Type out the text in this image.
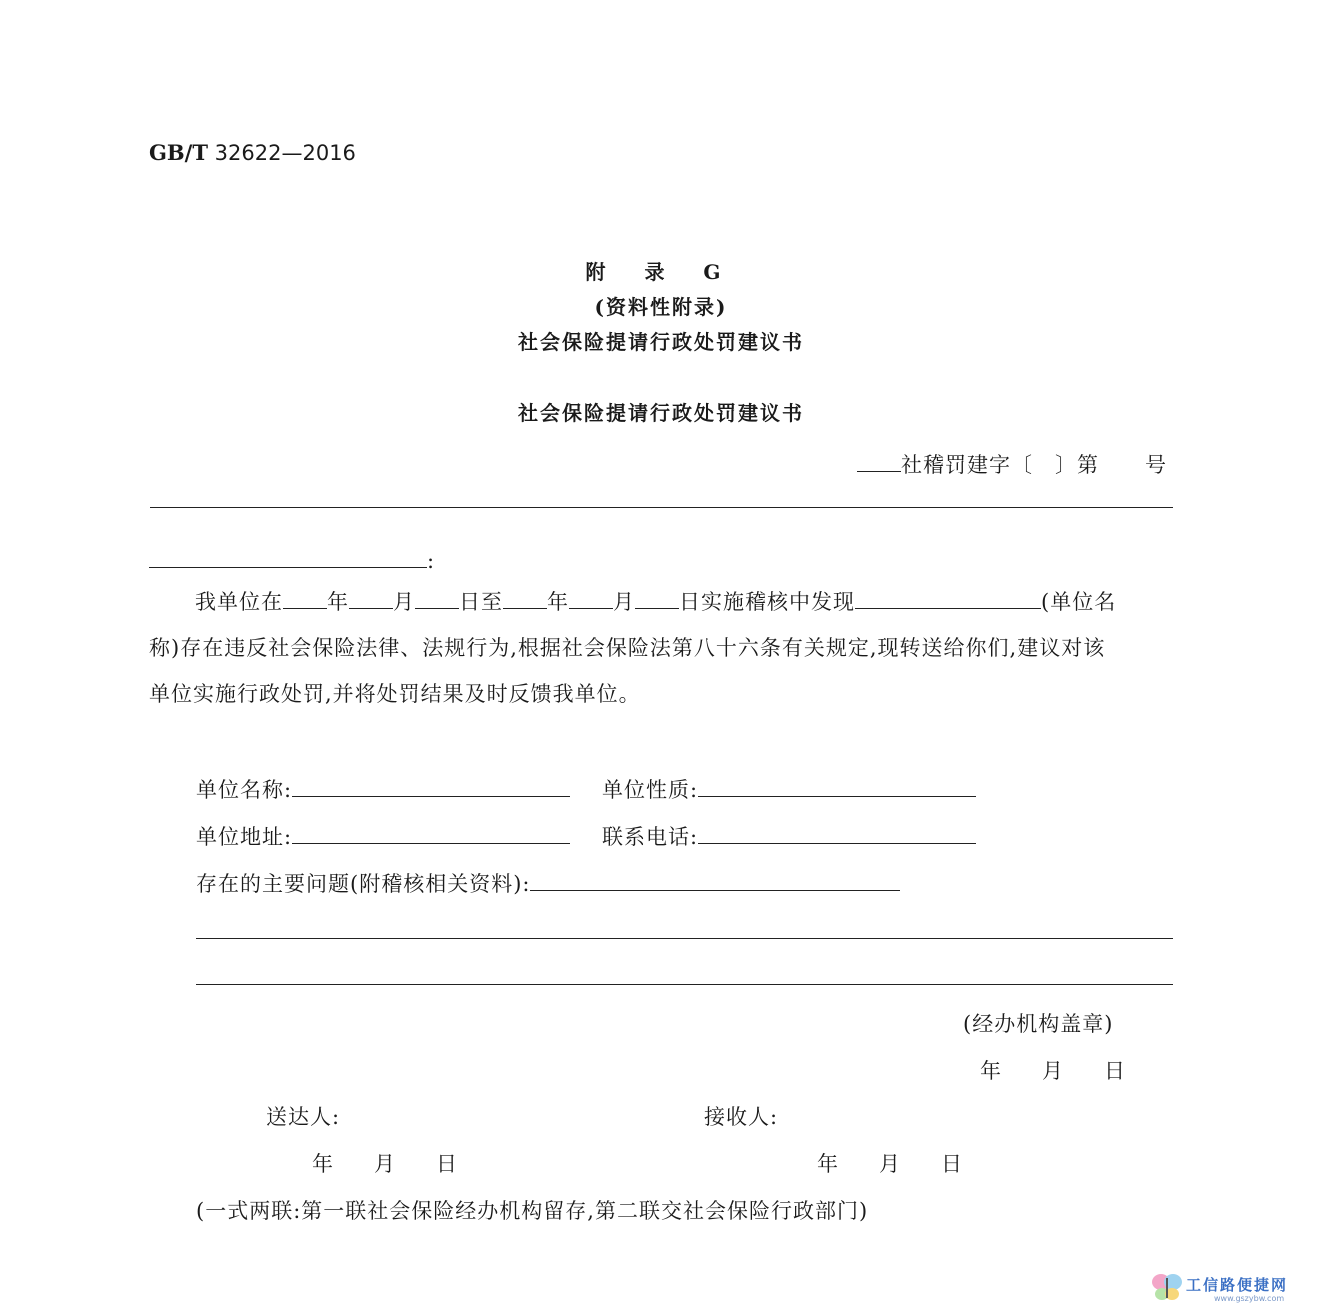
GB/T 32622—2016
附 录 G
(资料性附录)
社会保险提请行政处罚建议书
社会保险提请行政处罚建议书
社稽罚建字〔 〕第 号
:
我单位在 年 月 日至 年 月 日实施稽核中发现	(单位名
称)存在违反社会保险法律、法规行为,根据社会保险法第八十六条有关规定,现转送给你们,建议对该
单位实施行政处罚,并将处罚结果及时反馈我单位。
单位名称:	单位性质:
单位地址:	联系电话:
存在的主要问题(附稽核相关资料):
(经办机构盖章)
年 月 日
送达人:	接收人:
年 月 日	年 月 日
(一式两联:第一联社会保险经办机构留存,第二联交社会保险行政部门)
工信路便捷网
www.gszybw.com
